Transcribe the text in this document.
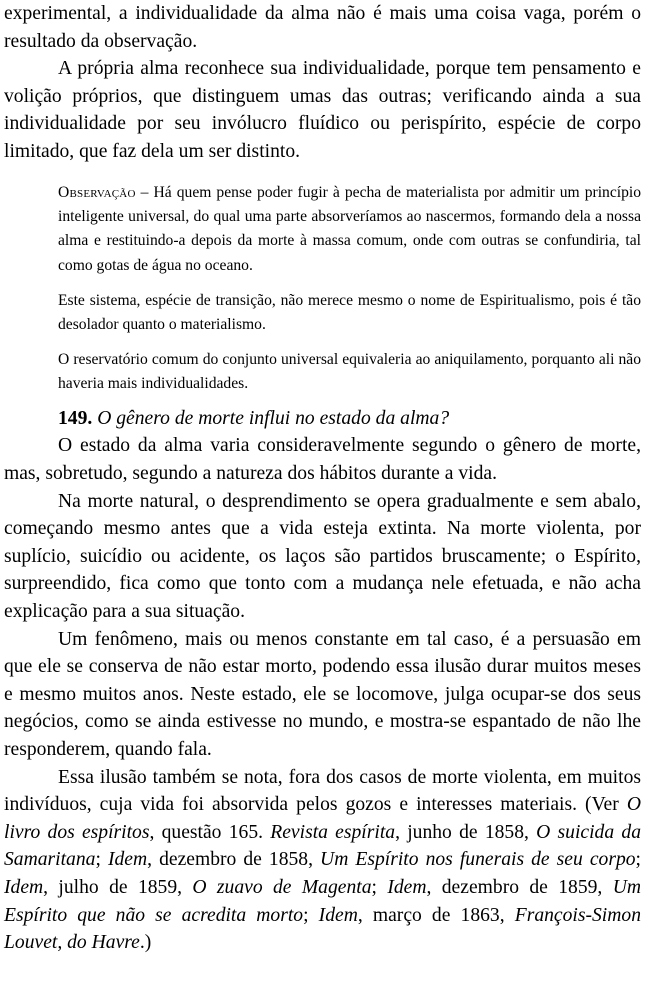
experimental, a individualidade da alma não é mais uma coisa vaga, porém o resultado da observação.

A própria alma reconhece sua individualidade, porque tem pensamento e volição próprios, que distinguem umas das outras; verificando ainda a sua individualidade por seu invólucro fluídico ou perispírito, espécie de corpo limitado, que faz dela um ser distinto.

Observação – Há quem pense poder fugir à pecha de materialista por admitir um princípio inteligente universal, do qual uma parte absorveríamos ao nascermos, formando dela a nossa alma e restituindo-a depois da morte à massa comum, onde com outras se confundiria, tal como gotas de água no oceano.

Este sistema, espécie de transição, não merece mesmo o nome de Espiritualismo, pois é tão desolador quanto o materialismo.

O reservatório comum do conjunto universal equivaleria ao aniquilamento, porquanto ali não haveria mais individualidades.

149. O gênero de morte influi no estado da alma?

O estado da alma varia consideravelmente segundo o gênero de morte, mas, sobretudo, segundo a natureza dos hábitos durante a vida.

Na morte natural, o desprendimento se opera gradualmente e sem abalo, começando mesmo antes que a vida esteja extinta. Na morte violenta, por suplício, suicídio ou acidente, os laços são partidos bruscamente; o Espírito, surpreendido, fica como que tonto com a mudança nele efetuada, e não acha explicação para a sua situação.

Um fenômeno, mais ou menos constante em tal caso, é a persuasão em que ele se conserva de não estar morto, podendo essa ilusão durar muitos meses e mesmo muitos anos. Neste estado, ele se locomove, julga ocupar-se dos seus negócios, como se ainda estivesse no mundo, e mostra-se espantado de não lhe responderem, quando fala.

Essa ilusão também se nota, fora dos casos de morte violenta, em muitos indivíduos, cuja vida foi absorvida pelos gozos e interesses materiais. (Ver O livro dos espíritos, questão 165. Revista espírita, junho de 1858, O suicida da Samaritana; Idem, dezembro de 1858, Um Espírito nos funerais de seu corpo; Idem, julho de 1859, O zuavo de Magenta; Idem, dezembro de 1859, Um Espírito que não se acredita morto; Idem, março de 1863, François-Simon Louvet, do Havre.)
